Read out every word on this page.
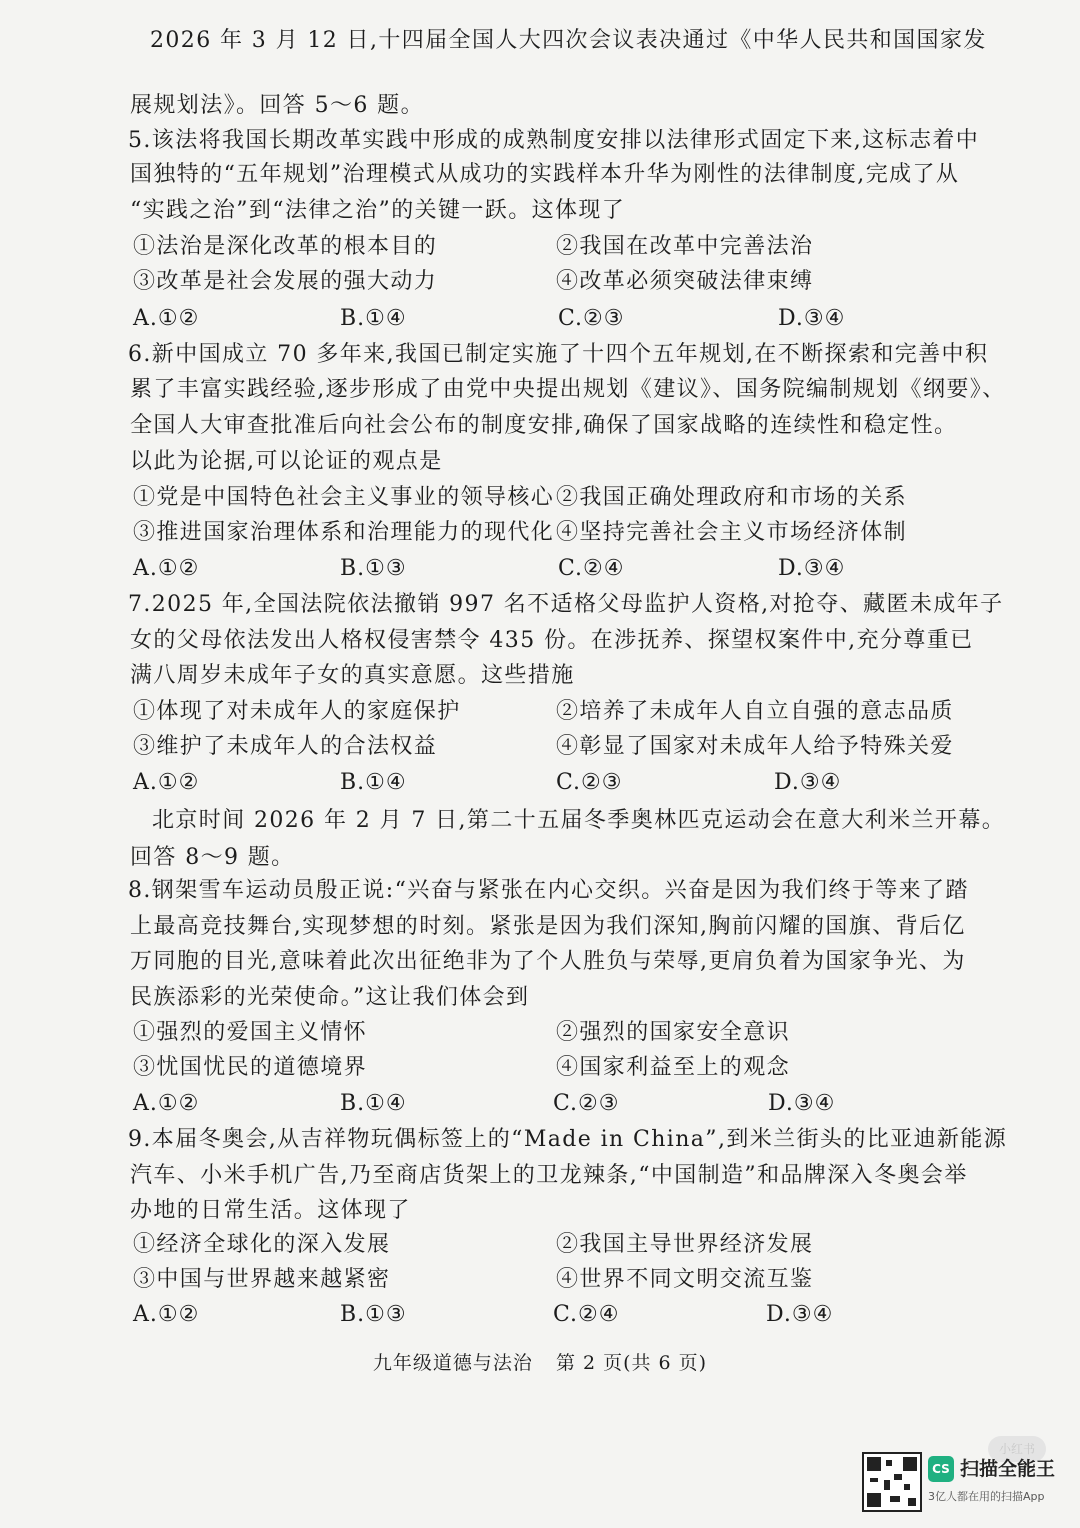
2026 年 3 月 12 日,十四届全国人大四次会议表决通过《中华人民共和国国家发
展规划法》。回答 5～6 题。
5.该法将我国长期改革实践中形成的成熟制度安排以法律形式固定下来,这标志着中
国独特的“五年规划”治理模式从成功的实践样本升华为刚性的法律制度,完成了从
“实践之治”到“法律之治”的关键一跃。这体现了
①法治是深化改革的根本目的	②我国在改革中完善法治
③改革是社会发展的强大动力	④改革必须突破法律束缚
A.①②	B.①④	C.②③	D.③④
6.新中国成立 70 多年来,我国已制定实施了十四个五年规划,在不断探索和完善中积
累了丰富实践经验,逐步形成了由党中央提出规划《建议》、国务院编制规划《纲要》、
全国人大审查批准后向社会公布的制度安排,确保了国家战略的连续性和稳定性。
以此为论据,可以论证的观点是
①党是中国特色社会主义事业的领导核心 ②我国正确处理政府和市场的关系
③推进国家治理体系和治理能力的现代化 ④坚持完善社会主义市场经济体制
A.①②	B.①③	C.②④	D.③④
7.2025 年,全国法院依法撤销 997 名不适格父母监护人资格,对抢夺、藏匿未成年子
女的父母依法发出人格权侵害禁令 435 份。在涉抚养、探望权案件中,充分尊重已
满八周岁未成年子女的真实意愿。这些措施
①体现了对未成年人的家庭保护	②培养了未成年人自立自强的意志品质
③维护了未成年人的合法权益	④彰显了国家对未成年人给予特殊关爱
A.①②	B.①④	C.②③	D.③④
北京时间 2026 年 2 月 7 日,第二十五届冬季奥林匹克运动会在意大利米兰开幕。
回答 8～9 题。
8.钢架雪车运动员殷正说:“兴奋与紧张在内心交织。兴奋是因为我们终于等来了踏
上最高竞技舞台,实现梦想的时刻。紧张是因为我们深知,胸前闪耀的国旗、背后亿
万同胞的目光,意味着此次出征绝非为了个人胜负与荣辱,更肩负着为国家争光、为
民族添彩的光荣使命。”这让我们体会到
①强烈的爱国主义情怀	②强烈的国家安全意识
③忧国忧民的道德境界	④国家利益至上的观念
A.①②	B.①④	C.②③	D.③④
9.本届冬奥会,从吉祥物玩偶标签上的“Made in China”,到米兰街头的比亚迪新能源
汽车、小米手机广告,乃至商店货架上的卫龙辣条,“中国制造”和品牌深入冬奥会举
办地的日常生活。这体现了
①经济全球化的深入发展	②我国主导世界经济发展
③中国与世界越来越紧密	④世界不同文明交流互鉴
A.①②	B.①③	C.②④	D.③④
九年级道德与法治 第 2 页(共 6 页)
小红书
CS 扫描全能王
3亿人都在用的扫描App
